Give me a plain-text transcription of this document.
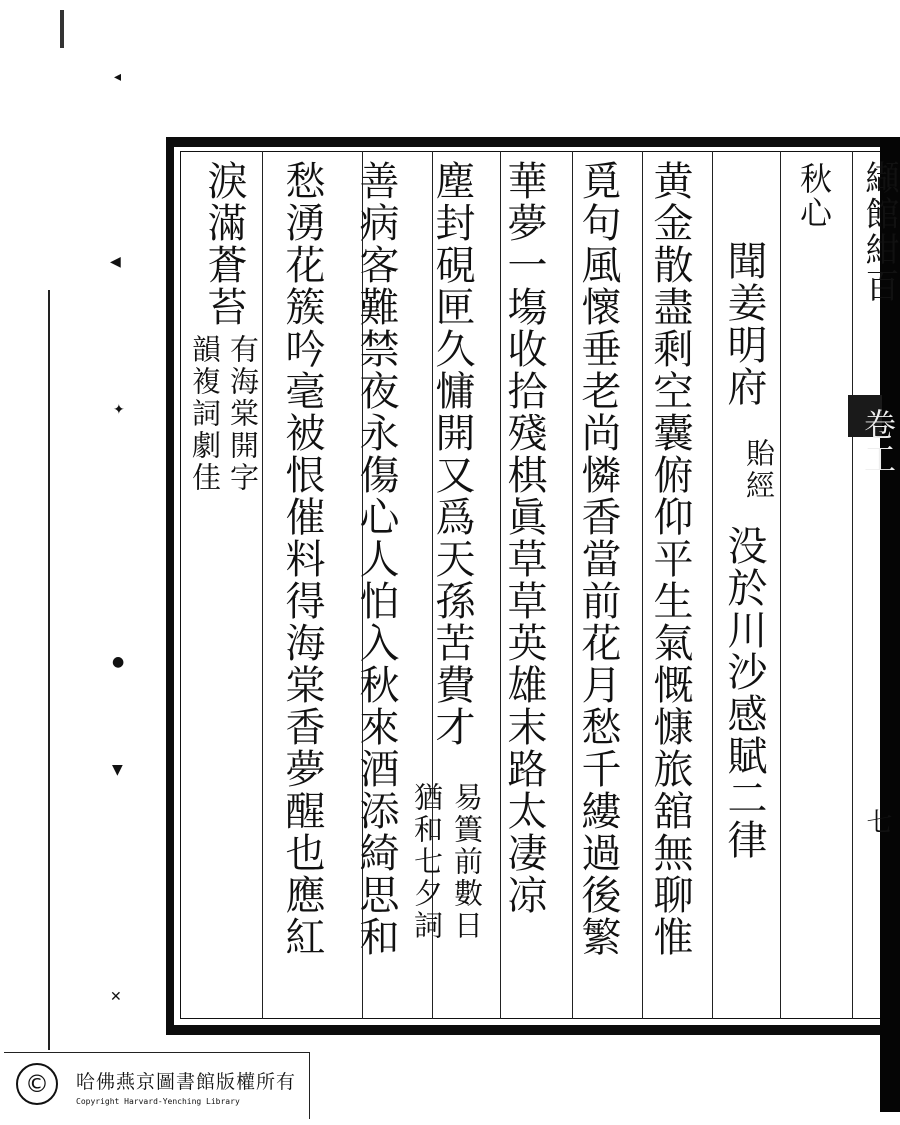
◂
◀
✦
●
▼
✕
纈館紺百
卷工
七
秋心
聞姜明府
貽經
没於川沙感賦二律
黄金散盡剩空囊俯仰平生氣慨慷旅舘無聊惟
覓句風懷垂老尚憐香當前花月愁千縷過後繁
華夢一塲收拾殘棋眞草草英雄末路太凄凉
塵封硯匣久慵開又爲天孫苦費才
易簣前數日
猶和七夕詞
善病客難禁夜永傷心人怕入秋來酒添綺思和
愁湧花簇吟毫被恨催料得海棠香夢醒也應紅
淚滿蒼苔
有海棠開字
韻複詞劇佳
©	哈佛燕京圖書館版權所有
Copyright Harvard-Yenching Library
